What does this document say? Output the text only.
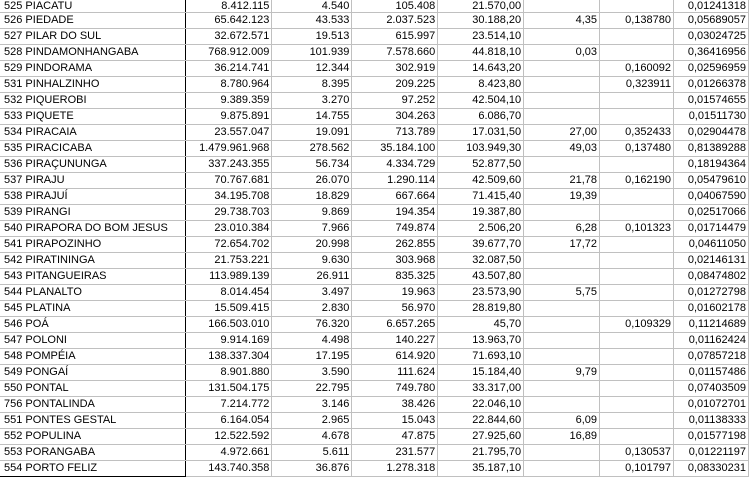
525 PIACATU	8.412.115	4.540	105.408	21.570,00			0,01241318
526 PIEDADE	65.642.123	43.533	2.037.523	30.188,20	4,35	0,138780	0,05689057
527 PILAR DO SUL	32.672.571	19.513	615.997	23.514,10			0,03024725
528 PINDAMONHANGABA	768.912.009	101.939	7.578.660	44.818,10	0,03		0,36416956
529 PINDORAMA	36.214.741	12.344	302.919	14.643,20		0,160092	0,02596959
531 PINHALZINHO	8.780.964	8.395	209.225	8.423,80		0,323911	0,01266378
532 PIQUEROBI	9.389.359	3.270	97.252	42.504,10			0,01574655
533 PIQUETE	9.875.891	14.755	304.263	6.086,70			0,01511730
534 PIRACAIA	23.557.047	19.091	713.789	17.031,50	27,00	0,352433	0,02904478
535 PIRACICABA	1.479.961.968	278.562	35.184.100	103.949,30	49,03	0,137480	0,81389288
536 PIRAÇUNUNGA	337.243.355	56.734	4.334.729	52.877,50			0,18194364
537 PIRAJU	70.767.681	26.070	1.290.114	42.509,60	21,78	0,162190	0,05479610
538 PIRAJUÍ	34.195.708	18.829	667.664	71.415,40	19,39		0,04067590
539 PIRANGI	29.738.703	9.869	194.354	19.387,80			0,02517066
540 PIRAPORA DO BOM JESUS	23.010.384	7.966	749.874	2.506,20	6,28	0,101323	0,01714479
541 PIRAPOZINHO	72.654.702	20.998	262.855	39.677,70	17,72		0,04611050
542 PIRATININGA	21.753.221	9.630	303.968	32.087,50			0,02146131
543 PITANGUEIRAS	113.989.139	26.911	835.325	43.507,80			0,08474802
544 PLANALTO	8.014.454	3.497	19.963	23.573,90	5,75		0,01272798
545 PLATINA	15.509.415	2.830	56.970	28.819,80			0,01602178
546 POÁ	166.503.010	76.320	6.657.265	45,70		0,109329	0,11214689
547 POLONI	9.914.169	4.498	140.227	13.963,70			0,01162424
548 POMPÉIA	138.337.304	17.195	614.920	71.693,10			0,07857218
549 PONGAÍ	8.901.880	3.590	111.624	15.184,40	9,79		0,01157486
550 PONTAL	131.504.175	22.795	749.780	33.317,00			0,07403509
756 PONTALINDA	7.214.772	3.146	38.426	22.046,10			0,01072701
551 PONTES GESTAL	6.164.054	2.965	15.043	22.844,60	6,09		0,01138333
552 POPULINA	12.522.592	4.678	47.875	27.925,60	16,89		0,01577198
553 PORANGABA	4.972.661	5.611	231.577	21.795,70		0,130537	0,01221197
554 PORTO FELIZ	143.740.358	36.876	1.278.318	35.187,10		0,101797	0,08330231
